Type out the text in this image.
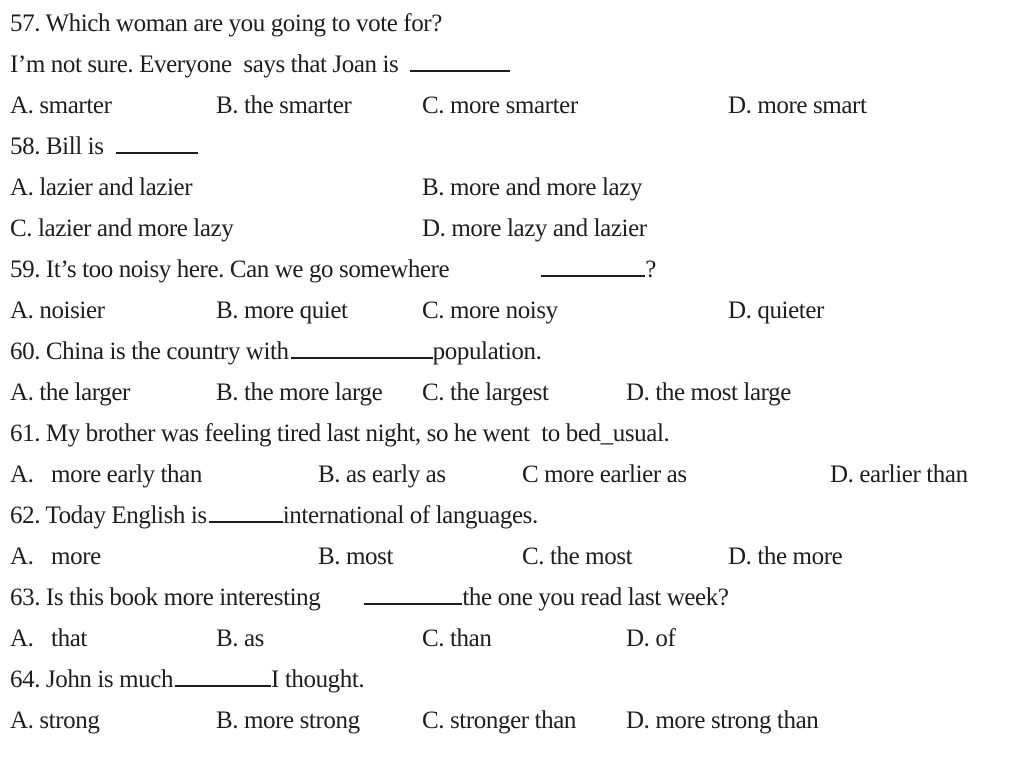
57. Which woman are you going to vote for?
I’m not sure. Everyone  says that Joan is
A. smarter	B. the smarter	C. more smarter	D. more smart
58. Bill is
A. lazier and lazier	B. more and more lazy
C. lazier and more lazy	D. more lazy and lazier
59. It’s too noisy here. Can we go somewhere	?
A. noisier	B. more quiet	C. more noisy	D. quieter
60. China is the country with	population.
A. the larger	B. the more large C. the largest	D. the most large
61. My brother was feeling tired last night, so he went  to bed_usual.
A.   more early than	B. as early as	C more earlier as	D. earlier than
62. Today English is	international of languages.
A.   more	B. most	C. the most	D. the more
63. Is this book more interesting	the one you read last week?
A.   that	B. as	C. than	D. of
64. John is much	I thought.
A. strong	B. more strong C. stronger than D. more strong than
